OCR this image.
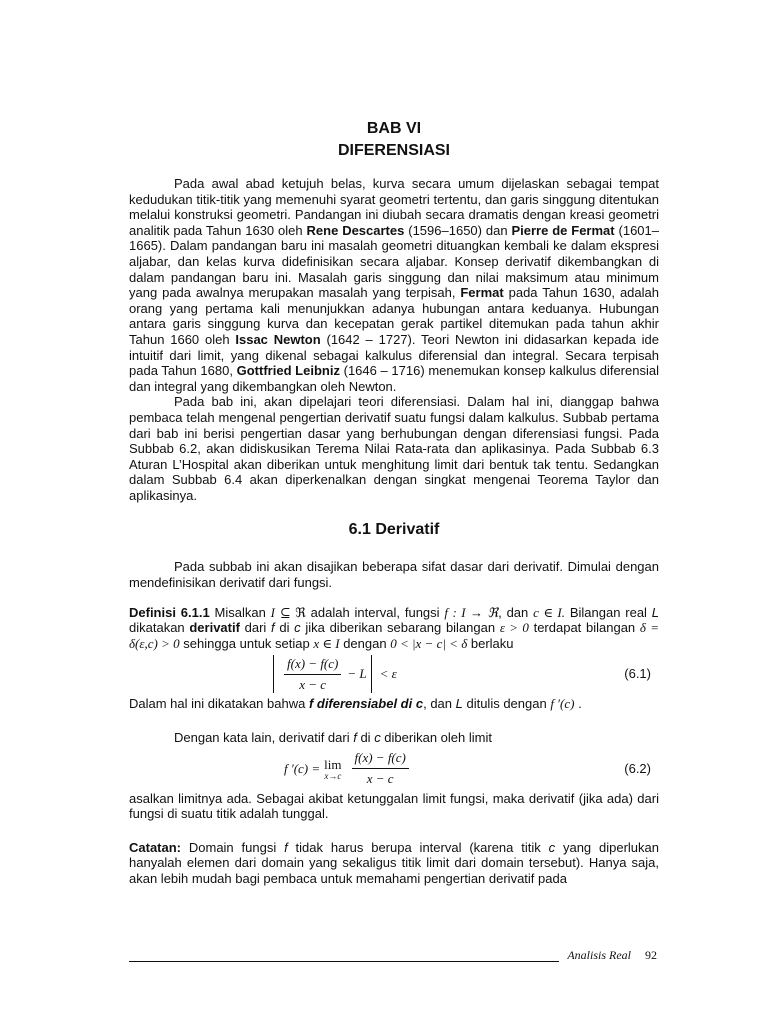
BAB VI
DIFERENSIASI

Pada awal abad ketujuh belas, kurva secara umum dijelaskan sebagai tempat kedudukan titik-titik yang memenuhi syarat geometri tertentu, dan garis singgung ditentukan melalui konstruksi geometri. Pandangan ini diubah secara dramatis dengan kreasi geometri analitik pada Tahun 1630 oleh Rene Descartes (1596–1650) dan Pierre de Fermat (1601–1665). Dalam pandangan baru ini masalah geometri dituangkan kembali ke dalam ekspresi aljabar, dan kelas kurva didefinisikan secara aljabar. Konsep derivatif dikembangkan di dalam pandangan baru ini. Masalah garis singgung dan nilai maksimum atau minimum yang pada awalnya merupakan masalah yang terpisah, Fermat pada Tahun 1630, adalah orang yang pertama kali menunjukkan adanya hubungan antara keduanya. Hubungan antara garis singgung kurva dan kecepatan gerak partikel ditemukan pada tahun akhir Tahun 1660 oleh Issac Newton (1642 – 1727). Teori Newton ini didasarkan kepada ide intuitif dari limit, yang dikenal sebagai kalkulus diferensial dan integral. Secara terpisah pada Tahun 1680, Gottfried Leibniz (1646 – 1716) menemukan konsep kalkulus diferensial dan integral yang dikembangkan oleh Newton.

Pada bab ini, akan dipelajari teori diferensiasi. Dalam hal ini, dianggap bahwa pembaca telah mengenal pengertian derivatif suatu fungsi dalam kalkulus. Subbab pertama dari bab ini berisi pengertian dasar yang berhubungan dengan diferensiasi fungsi. Pada Subbab 6.2, akan didiskusikan Terema Nilai Rata-rata dan aplikasinya. Pada Subbab 6.3 Aturan L’Hospital akan diberikan untuk menghitung limit dari bentuk tak tentu. Sedangkan dalam Subbab 6.4 akan diperkenalkan dengan singkat mengenai Teorema Taylor dan aplikasinya.

6.1 Derivatif

Pada subbab ini akan disajikan beberapa sifat dasar dari derivatif. Dimulai dengan mendefinisikan derivatif dari fungsi.

Definisi 6.1.1 Misalkan I ⊆ ℜ adalah interval, fungsi f : I → ℜ, dan c ∈ I. Bilangan real L dikatakan derivatif dari f di c jika diberikan sebarang bilangan ε > 0 terdapat bilangan δ = δ(ε,c) > 0 sehingga untuk setiap x ∈ I dengan 0 < |x − c| < δ berlaku

$\frac{f(x) - f(c)}{x - c} - L < \varepsilon$	(6.1)

Dalam hal ini dikatakan bahwa f diferensiabel di c, dan L ditulis dengan f ′(c) .

Dengan kata lain, derivatif dari f di c diberikan oleh limit

f ′(c) = lim
$x\to c \frac{f(x) - f(c)}{x - c}$	(6.2)

asalkan limitnya ada. Sebagai akibat ketunggalan limit fungsi, maka derivatif (jika ada) dari fungsi di suatu titik adalah tunggal.

Catatan: Domain fungsi f tidak harus berupa interval (karena titik c yang diperlukan hanyalah elemen dari domain yang sekaligus titik limit dari domain tersebut). Hanya saja, akan lebih mudah bagi pembaca untuk memahami pengertian derivatif pada

Analisis Real 92
